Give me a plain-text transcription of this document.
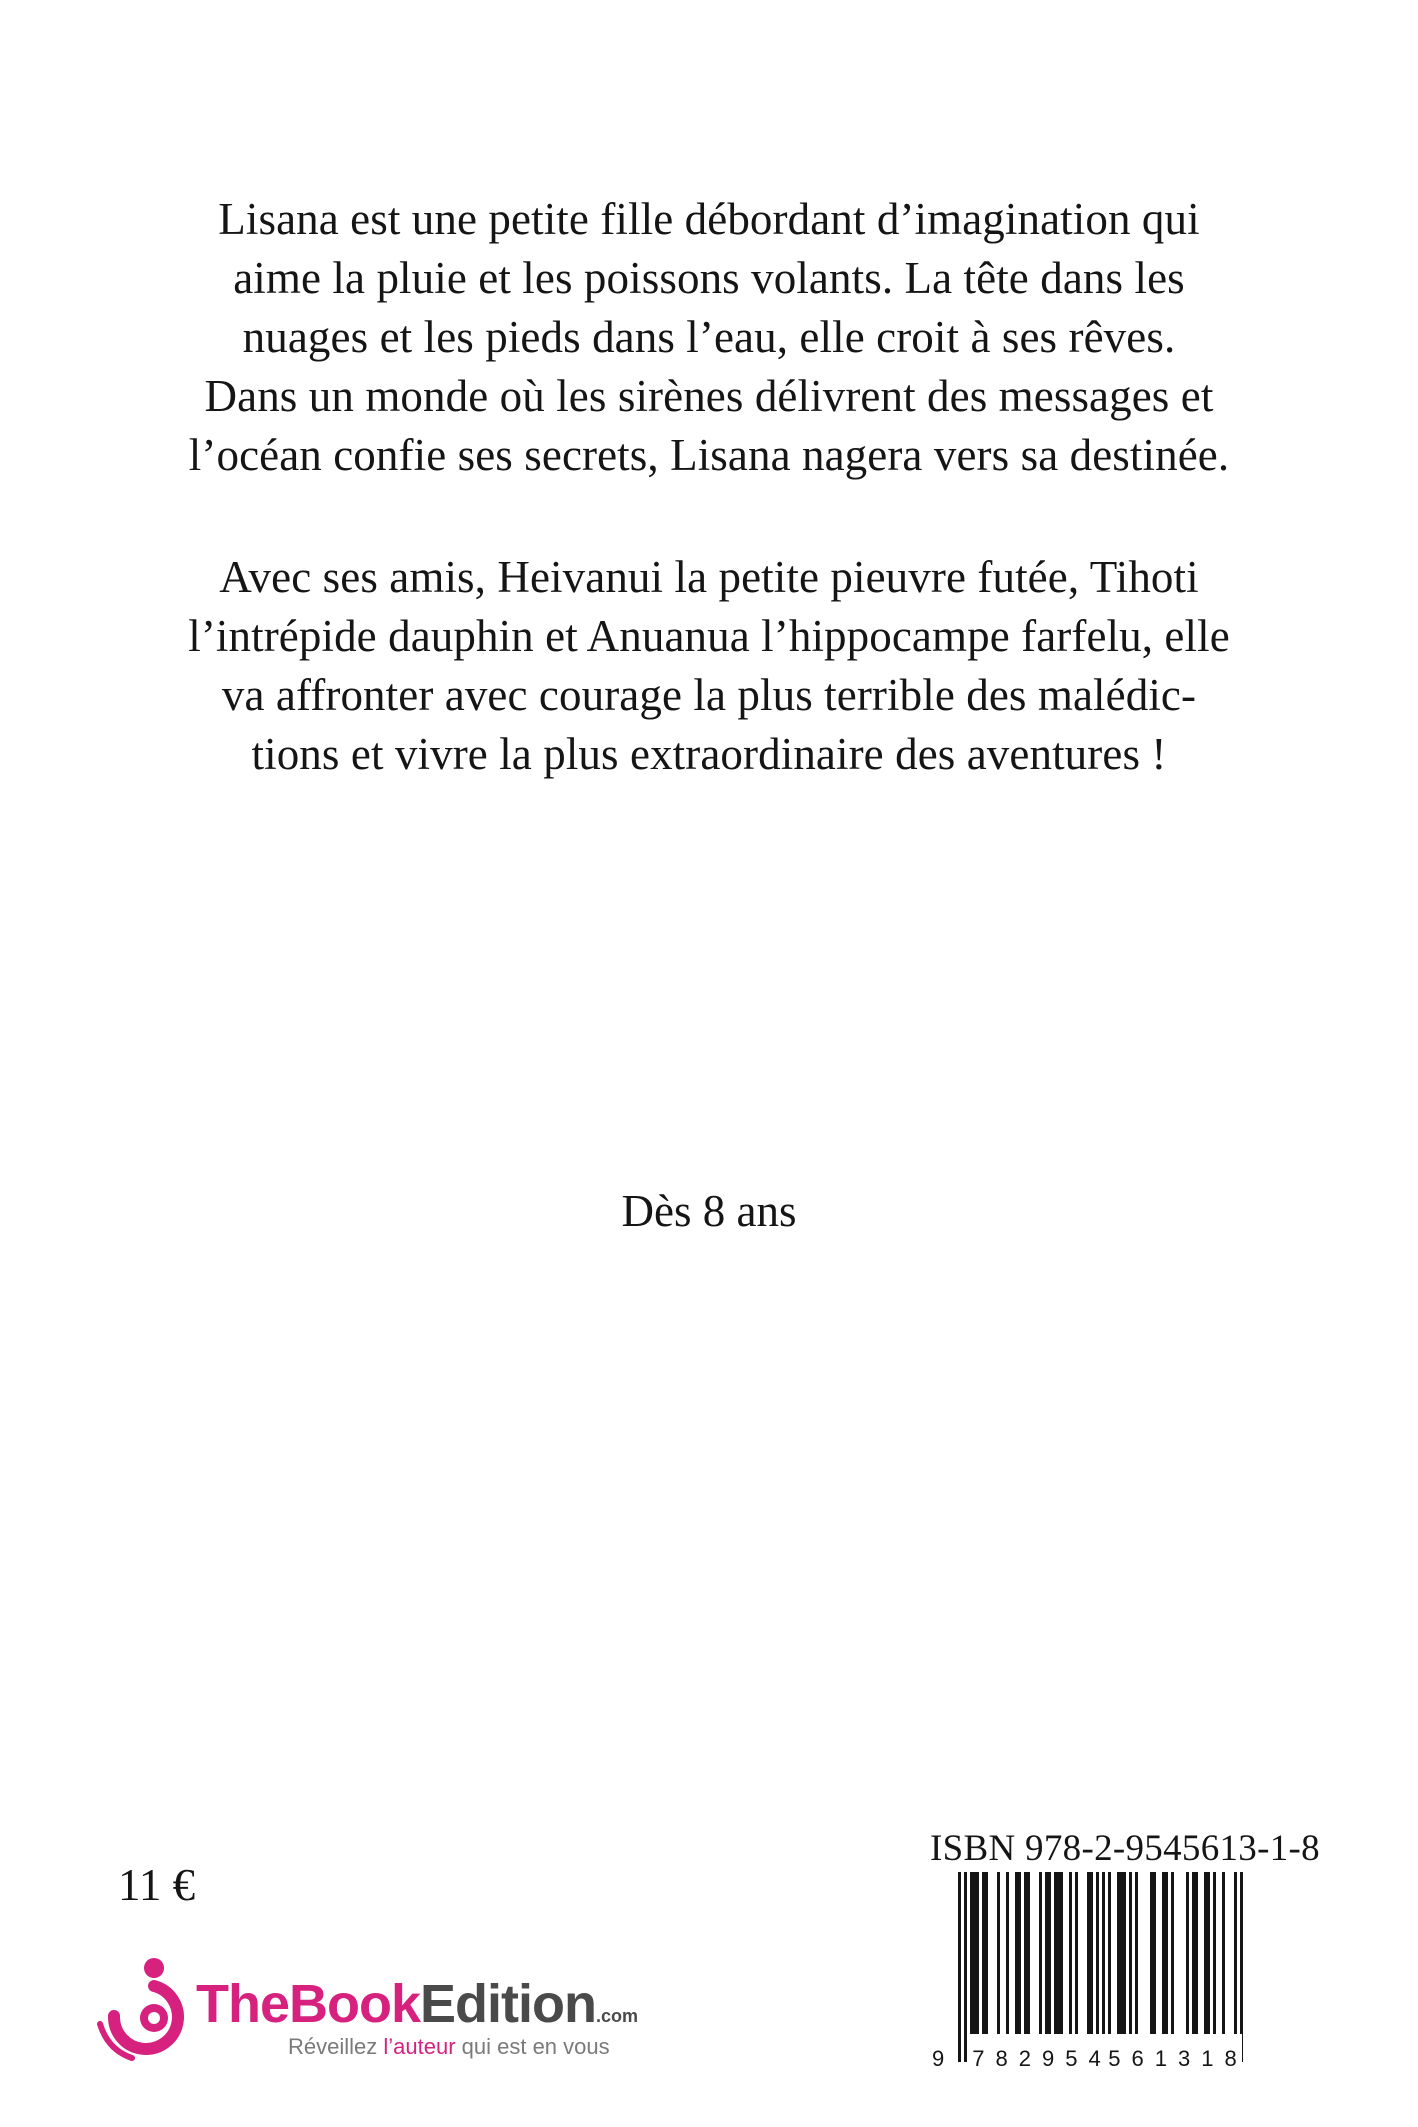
Lisana est une petite fille débordant d’imagination qui
aime la pluie et les poissons volants. La tête dans les
nuages et les pieds dans l’eau, elle croit à ses rêves.
Dans un monde où les sirènes délivrent des messages et
l’océan confie ses secrets, Lisana nagera vers sa destinée.
Avec ses amis, Heivanui la petite pieuvre futée, Tihoti
l’intrépide dauphin et Anuanua l’hippocampe farfelu, elle
va affronter avec courage la plus terrible des malédic-
tions et vivre la plus extraordinaire des aventures !
Dès 8 ans
11 €
ISBN 978-2-9545613-1-8
9 782954
561318
TheBookEdition.com
Réveillez l’auteur qui est en vous
